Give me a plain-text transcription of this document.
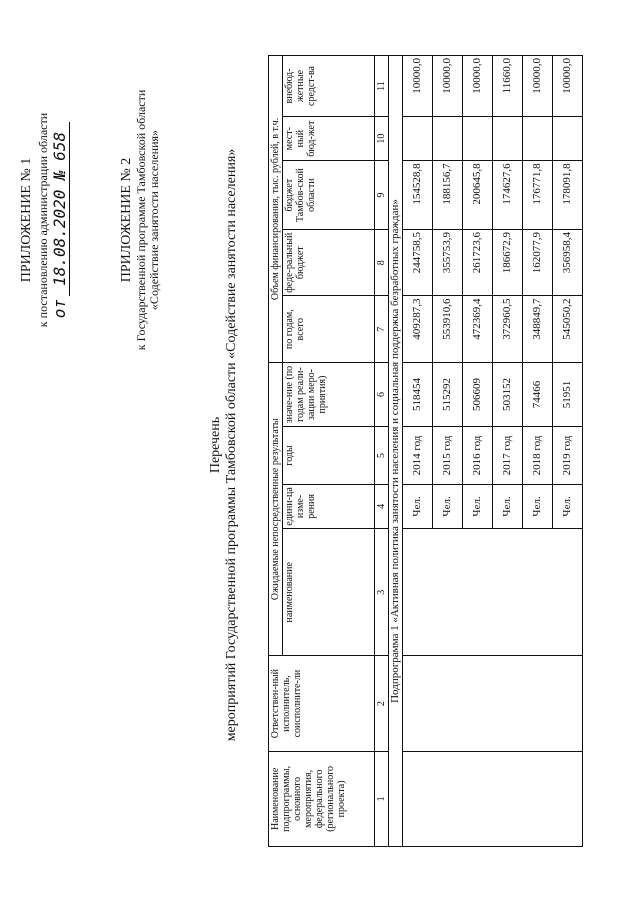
ПРИЛОЖЕНИЕ № 1 к постановлению администрации области от 18.08.2020 № 658	ПРИЛОЖЕНИЕ № 2 к Государственной программе Тамбовской области «Содействие занятости населения»
Перечень мероприятий Государственной программы Тамбовской области «Содействие занятости населения»
Наименование подпрограммы, основного мероприятия, федерального (регионального проекта)	Ответствен-ный исполнитель, соисполните-ли	Ожидаемые непосредственные результаты				Объем финансирования, тыс. рублей, в т.ч.				
		наименование	едини-ца изме-рения	годы	значе-ние (по годам реали-зации меро-приятия)	по годам, всего	феде-ральный бюджет	бюджет Тамбов-ской области	мест-ный бюд-жет	внебюд-жетные средст-ва
1	2	3	4	5	6	7	8	9	10	11
Подпрограмма 1 «Активная политика занятости населения и социальная поддержка безработных граждан»										
			Чел.	2014 год	518454	409287,3	244758,5	154528,8		10000,0
			Чел.	2015 год	515292	553910,6	355753,9	188156,7		10000,0
			Чел.	2016 год	506609	472369,4	261723,6	200645,8		10000,0
			Чел.	2017 год	503152	372960,5	186672,9	174627,6		11660,0
			Чел.	2018 год	74466	348849,7	162077,9	176771,8		10000,0
			Чел.	2019 год	51951	545050,2	356958,4	178091,8		10000,0
